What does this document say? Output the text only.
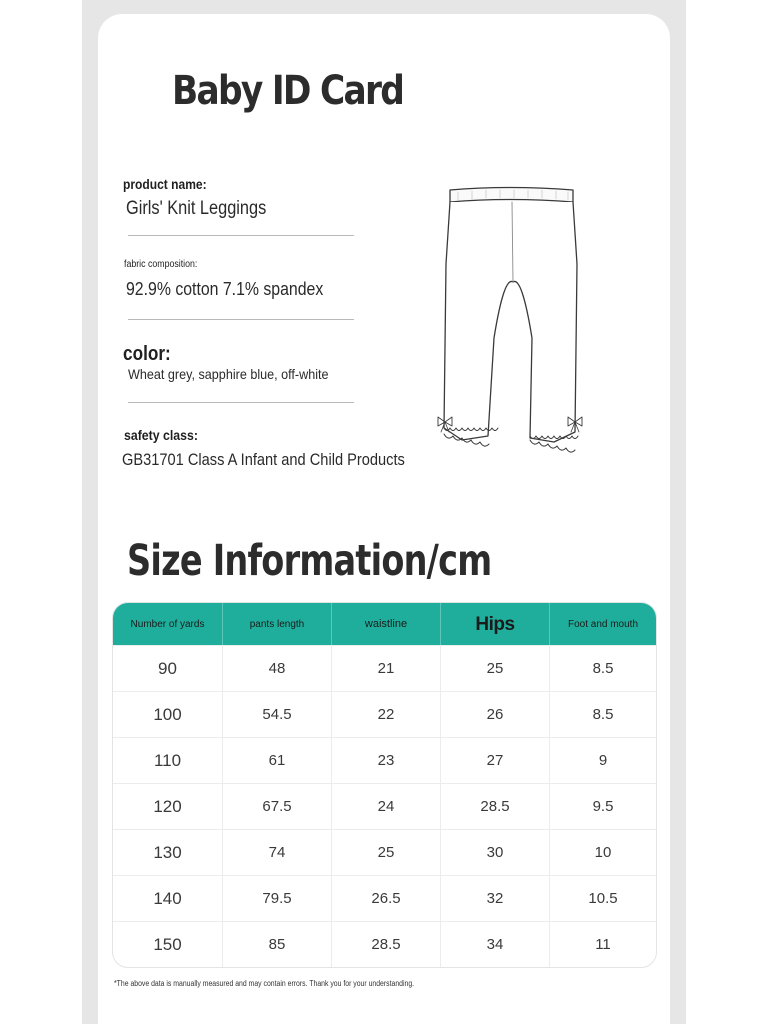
Baby ID Card

product name:

Girls' Knit Leggings

fabric composition:

92.9% cotton 7.1% spandex

color:

Wheat grey, sapphire blue, off-white

safety class:

GB31701 Class A Infant and Child Products

Size Information/cm
Number of yards	pants length	waistline	Hips	Foot and mouth
90	48	21	25	8.5
100	54.5	22	26	8.5
110	61	23	27	9
120	67.5	24	28.5	9.5
130	74	25	30	10
140	79.5	26.5	32	10.5
150	85	28.5	34	11

*The above data is manually measured and may contain errors. Thank you for your understanding.
